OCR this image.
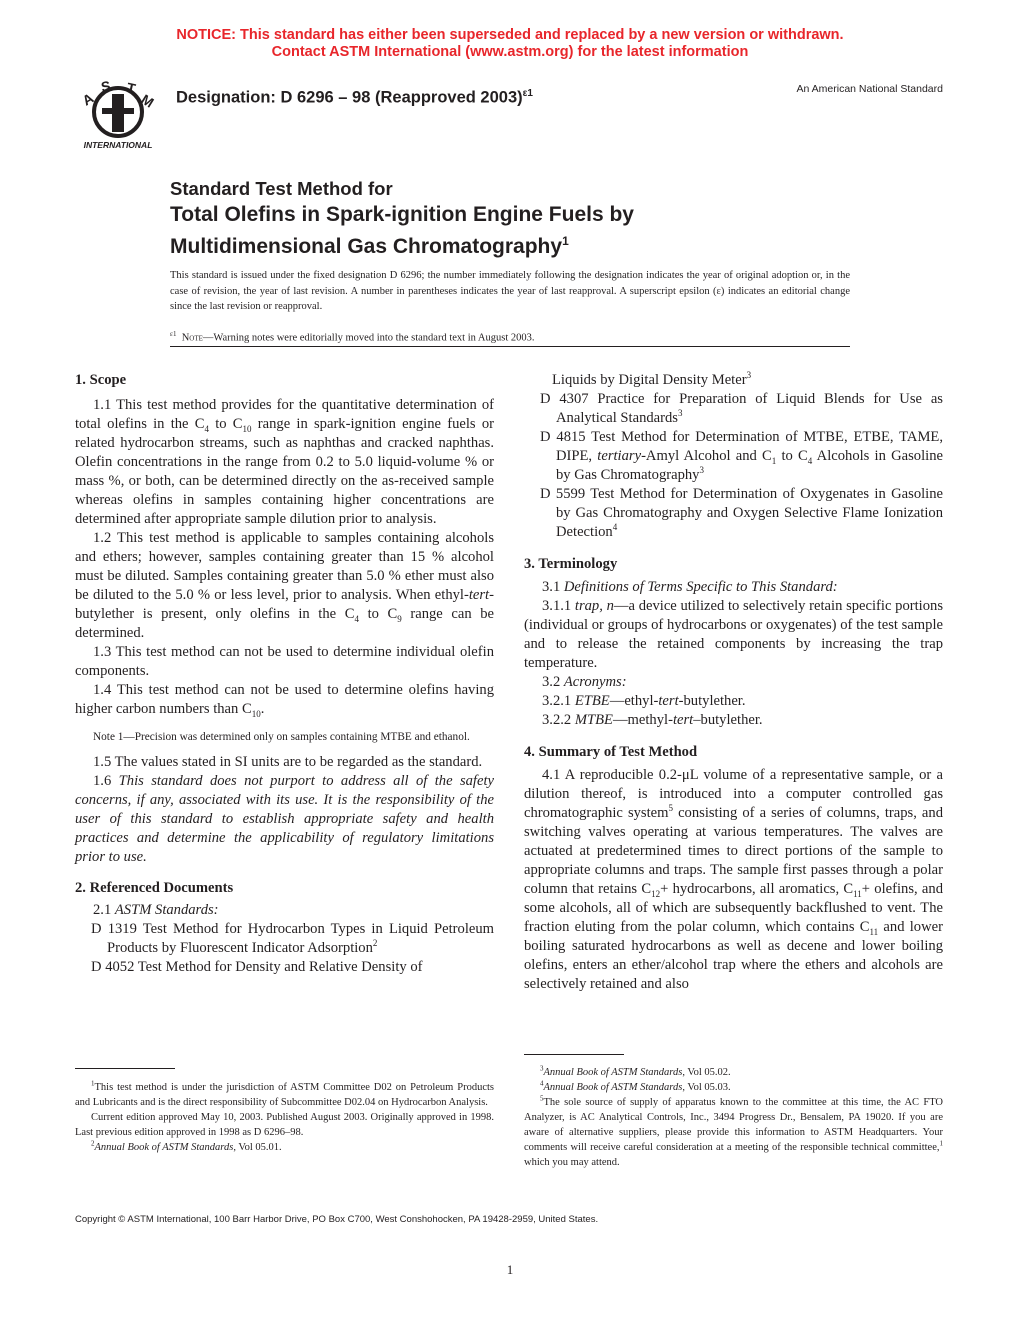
NOTICE: This standard has either been superseded and replaced by a new version or withdrawn.
Contact ASTM International (www.astm.org) for the latest information
A
S T
M
INTERNATIONAL
Designation: D 6296 – 98 (Reapproved 2003)$^{\varepsilon 1}$	An American National Standard
Standard Test Method for
Total Olefins in Spark-ignition Engine Fuels by
Multidimensional Gas Chromatography$^1$
This standard is issued under the fixed designation D 6296; the number immediately following the designation indicates the year of original adoption or, in the case of revision, the year of last revision. A number in parentheses indicates the year of last reapproval. A superscript epsilon (ε) indicates an editorial change since the last revision or reapproval.
$^{\varepsilon 1}$ Note—Warning notes were editorially moved into the standard text in August 2003.
1. Scope

1.1 This test method provides for the quantitative determination of total olefins in the $C_4$ to $C_{10}$ range in spark-ignition engine fuels or related hydrocarbon streams, such as naphthas and cracked naphthas. Olefin concentrations in the range from 0.2 to 5.0 liquid-volume % or mass %, or both, can be determined directly on the as-received sample whereas olefins in samples containing higher concentrations are determined after appropriate sample dilution prior to analysis.

1.2 This test method is applicable to samples containing alcohols and ethers; however, samples containing greater than 15 % alcohol must be diluted. Samples containing greater than 5.0 % ether must also be diluted to the 5.0 % or less level, prior to analysis. When ethyl-tert-butylether is present, only olefins in the $C_4$ to $C_9$ range can be determined.

1.3 This test method can not be used to determine individual olefin components.

1.4 This test method can not be used to determine olefins having higher carbon numbers than $C_{10}$.

Note 1—Precision was determined only on samples containing MTBE and ethanol.

1.5 The values stated in SI units are to be regarded as the standard.

1.6 This standard does not purport to address all of the safety concerns, if any, associated with its use. It is the responsibility of the user of this standard to establish appropriate safety and health practices and determine the applicability of regulatory limitations prior to use.

2. Referenced Documents

2.1 ASTM Standards:

D 1319 Test Method for Hydrocarbon Types in Liquid Petroleum Products by Fluorescent Indicator Adsorption$^2$

D 4052 Test Method for Density and Relative Density of

Liquids by Digital Density Meter$^3$

D 4307 Practice for Preparation of Liquid Blends for Use as Analytical Standards$^3$

D 4815 Test Method for Determination of MTBE, ETBE, TAME, DIPE, tertiary-Amyl Alcohol and $C_1$ to $C_4$ Alcohols in Gasoline by Gas Chromatography$^3$

D 5599 Test Method for Determination of Oxygenates in Gasoline by Gas Chromatography and Oxygen Selective Flame Ionization Detection$^4$

3. Terminology

3.1 Definitions of Terms Specific to This Standard:

3.1.1 trap, n—a device utilized to selectively retain specific portions (individual or groups of hydrocarbons or oxygenates) of the test sample and to release the retained components by increasing the trap temperature.

3.2 Acronyms:

3.2.1 ETBE—ethyl-tert-butylether.

3.2.2 MTBE—methyl-tert–butylether.

4. Summary of Test Method

4.1 A reproducible 0.2-μL volume of a representative sample, or a dilution thereof, is introduced into a computer controlled gas chromatographic system$^5$ consisting of a series of columns, traps, and switching valves operating at various temperatures. The valves are actuated at predetermined times to direct portions of the sample to appropriate columns and traps. The sample first passes through a polar column that retains $C_{12}+$ hydrocarbons, all aromatics, $C_{11}+$ olefins, and some alcohols, all of which are subsequently backflushed to vent. The fraction eluting from the polar column, which contains $C_{11}$ and lower boiling saturated hydrocarbons as well as decene and lower boiling olefins, enters an ether/alcohol trap where the ethers and alcohols are selectively retained and also

$^1$This test method is under the jurisdiction of ASTM Committee D02 on Petroleum Products and Lubricants and is the direct responsibility of Subcommittee D02.04 on Hydrocarbon Analysis.

Current edition approved May 10, 2003. Published August 2003. Originally approved in 1998. Last previous edition approved in 1998 as D 6296–98.

$^2$Annual Book of ASTM Standards, Vol 05.01.

$^3$Annual Book of ASTM Standards, Vol 05.02.

$^4$Annual Book of ASTM Standards, Vol 05.03.

$^5$The sole source of supply of apparatus known to the committee at this time, the AC FTO Analyzer, is AC Analytical Controls, Inc., 3494 Progress Dr., Bensalem, PA 19020. If you are aware of alternative suppliers, please provide this information to ASTM Headquarters. Your comments will receive careful consideration at a meeting of the responsible technical committee,$^1$ which you may attend.

Copyright © ASTM International, 100 Barr Harbor Drive, PO Box C700, West Conshohocken, PA 19428-2959, United States.
1
